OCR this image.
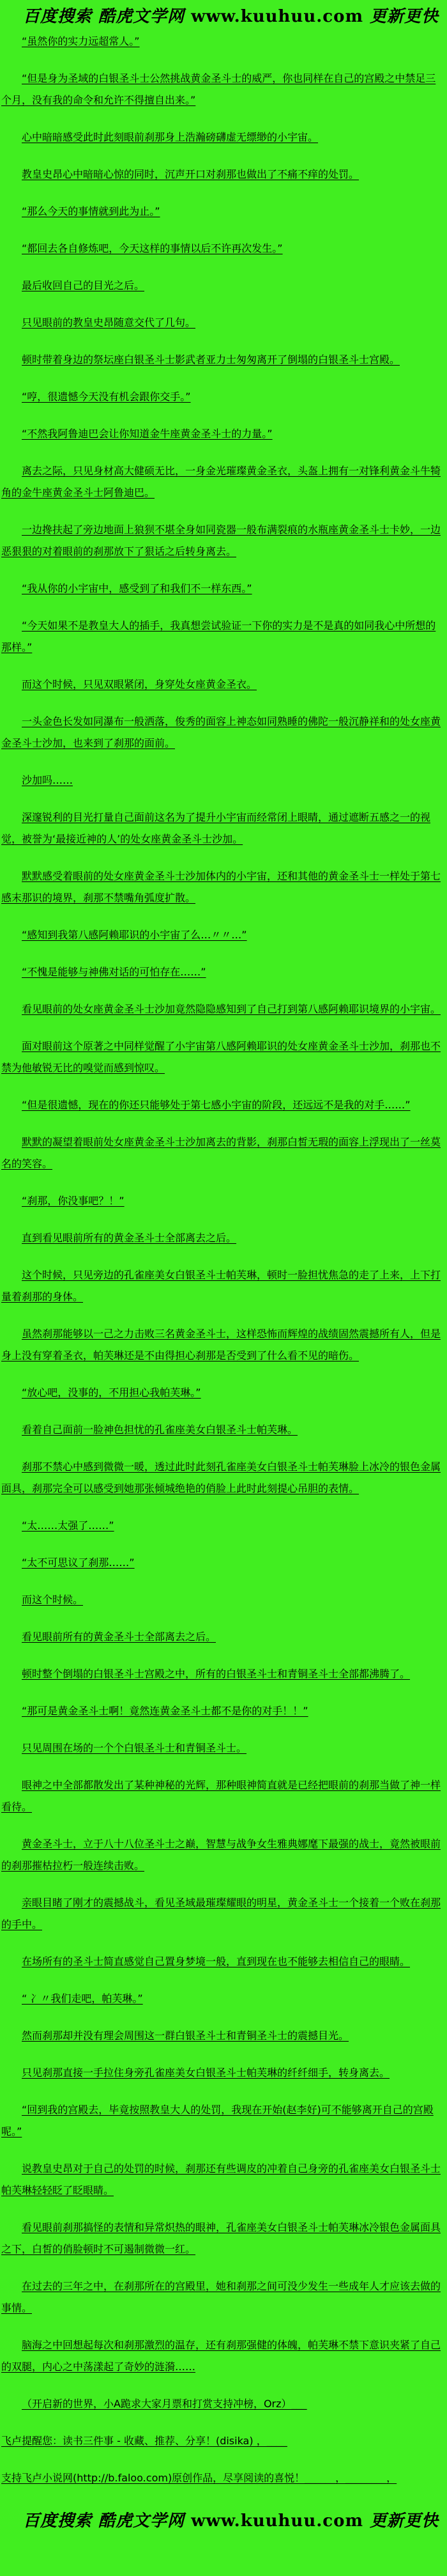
百度搜索 酷虎文学网 www.kuuhuu.com 更新更快

“虽然你的实力远超常人。”

“但是身为圣域的白银圣斗士公然挑战黄金圣斗士的威严，你也同样在自己的宫殿之中禁足三个月，没有我的命令和允许不得擅自出来。”

心中暗暗感受此时此刻眼前刹那身上浩瀚磅礴虚无缥缈的小宇宙。

教皇史昂心中暗暗心惊的同时，沉声开口对刹那也做出了不痛不痒的处罚。

“那么今天的事情就到此为止。”

“都回去各自修炼吧，今天这样的事情以后不许再次发生。”

最后收回自己的目光之后。

只见眼前的教皇史昂随意交代了几句。

顿时带着身边的祭坛座白银圣斗士影武者亚力士匆匆离开了倒塌的白银圣斗士宫殿。

“哼，很遗憾今天没有机会跟你交手。”

“不然我阿鲁迪巴会让你知道金牛座黄金圣斗士的力量。”

离去之际，只见身材高大健硕无比，一身金光璀璨黄金圣衣，头盔上拥有一对锋利黄金斗牛犄角的金牛座黄金圣斗士阿鲁迪巴。

一边搀扶起了旁边地面上狼狈不堪全身如同瓷器一般布满裂痕的水瓶座黄金圣斗士卡妙，一边恶狠狠的对着眼前的刹那放下了狠话之后转身离去。

“我从你的小宇宙中，感受到了和我们不一样东西。”

“今天如果不是教皇大人的插手，我真想尝试验证一下你的实力是不是真的如同我心中所想的那样。”

而这个时候，只见双眼紧闭，身穿处女座黄金圣衣。

一头金色长发如同瀑布一般洒落，俊秀的面容上神态如同熟睡的佛陀一般沉静祥和的处女座黄金圣斗士沙加，也来到了刹那的面前。

沙加吗……

深邃锐利的目光打量自己面前这名为了提升小宇宙而经常闭上眼睛，通过遮断五感之一的视觉，被誉为‘最接近神的人’的处女座黄金圣斗士沙加。

默默感受着眼前的处女座黄金圣斗士沙加体内的小宇宙，还和其他的黄金圣斗士一样处于第七感末那识的境界，刹那不禁嘴角弧度扩散。

“感知到我第八感阿赖耶识的小宇宙了么…〃〃…”

“不愧是能够与神佛对话的可怕存在……”

看见眼前的处女座黄金圣斗士沙加竟然隐隐感知到了自己打到第八感阿赖耶识境界的小宇宙。

面对眼前这个原著之中同样觉醒了小宇宙第八感阿赖耶识的处女座黄金圣斗士沙加，刹那也不禁为他敏锐无比的嗅觉而感到惊叹。

“但是很遗憾，现在的你还只能够处于第七感小宇宙的阶段，还远远不是我的对手……”

默默的凝望着眼前处女座黄金圣斗士沙加离去的背影，刹那白皙无瑕的面容上浮现出了一丝莫名的笑容。

“刹那，你没事吧？！”

直到看见眼前所有的黄金圣斗士全部离去之后。

这个时候，只见旁边的孔雀座美女白银圣斗士帕芙琳，顿时一脸担忧焦急的走了上来，上下打量着刹那的身体。

虽然刹那能够以一己之力击败三名黄金圣斗士，这样恐怖而辉煌的战绩固然震撼所有人，但是身上没有穿着圣衣，帕芙琳还是不由得担心刹那是否受到了什么看不见的暗伤。

“放心吧，没事的，不用担心我帕芙琳。”

看着自己面前一脸神色担忧的孔雀座美女白银圣斗士帕芙琳。

刹那不禁心中感到微微一暖，透过此时此刻孔雀座美女白银圣斗士帕芙琳脸上冰冷的银色金属面具，刹那完全可以感受到她那张倾城绝艳的俏脸上此时此刻提心吊胆的表情。

“太……太强了……”

“太不可思议了刹那……”

而这个时候。

看见眼前所有的黄金圣斗士全部离去之后。

顿时整个倒塌的白银圣斗士宫殿之中，所有的白银圣斗士和青铜圣斗士全部都沸腾了。

“那可是黄金圣斗士啊！竟然连黄金圣斗士都不是你的对手！！”

只见周围在场的一个个白银圣斗士和青铜圣斗士。

眼神之中全部都散发出了某种神秘的光辉，那种眼神简直就是已经把眼前的刹那当做了神一样看待。

黄金圣斗士，立于八十八位圣斗士之巅，智慧与战争女生雅典娜麾下最强的战士，竟然被眼前的刹那摧枯拉朽一般连续击败。

亲眼目睹了刚才的震撼战斗，看见圣域最璀璨耀眼的明星，黄金圣斗士一个接着一个败在刹那的手中。

在场所有的圣斗士简直感觉自己置身梦境一般，直到现在也不能够去相信自己的眼睛。

“ 冫〃我们走吧，帕芙琳。”

然而刹那却并没有理会周围这一群白银圣斗士和青铜圣斗士的震撼目光。

只见刹那直接一手拉住身旁孔雀座美女白银圣斗士帕芙琳的纤纤细手，转身离去。

“回到我的宫殿去，毕竟按照教皇大人的处罚，我现在开始(赵李好)可不能够离开自己的宫殿呢。”

说教皇史昂对于自己的处罚的时候，刹那还有些调皮的冲着自己身旁的孔雀座美女白银圣斗士帕芙琳轻轻眨了眨眼睛。

看见眼前刹那搞怪的表情和异常炽热的眼神，孔雀座美女白银圣斗士帕芙琳冰冷银色金属面具之下，白皙的俏脸顿时不可遏制微微一红。

在过去的三年之中，在刹那所在的宫殿里，她和刹那之间可没少发生一些成年人才应该去做的事情。

脑海之中回想起每次和刹那激烈的温存，还有刹那强健的体魄，帕芙琳不禁下意识夹紧了自己的双腿，内心之中荡漾起了奇妙的涟漪……

（开启新的世界，小A跪求大家月票和打赏支持冲榜，Orz）___

飞卢提醒您：读书三件事 - 收藏、推荐、分享！(disika) ，____

支持飞卢小说网(http://b.faloo.com)原创作品，尽享阅读的喜悦！______，________，

百度搜索 酷虎文学网 www.kuuhuu.com 更新更快
